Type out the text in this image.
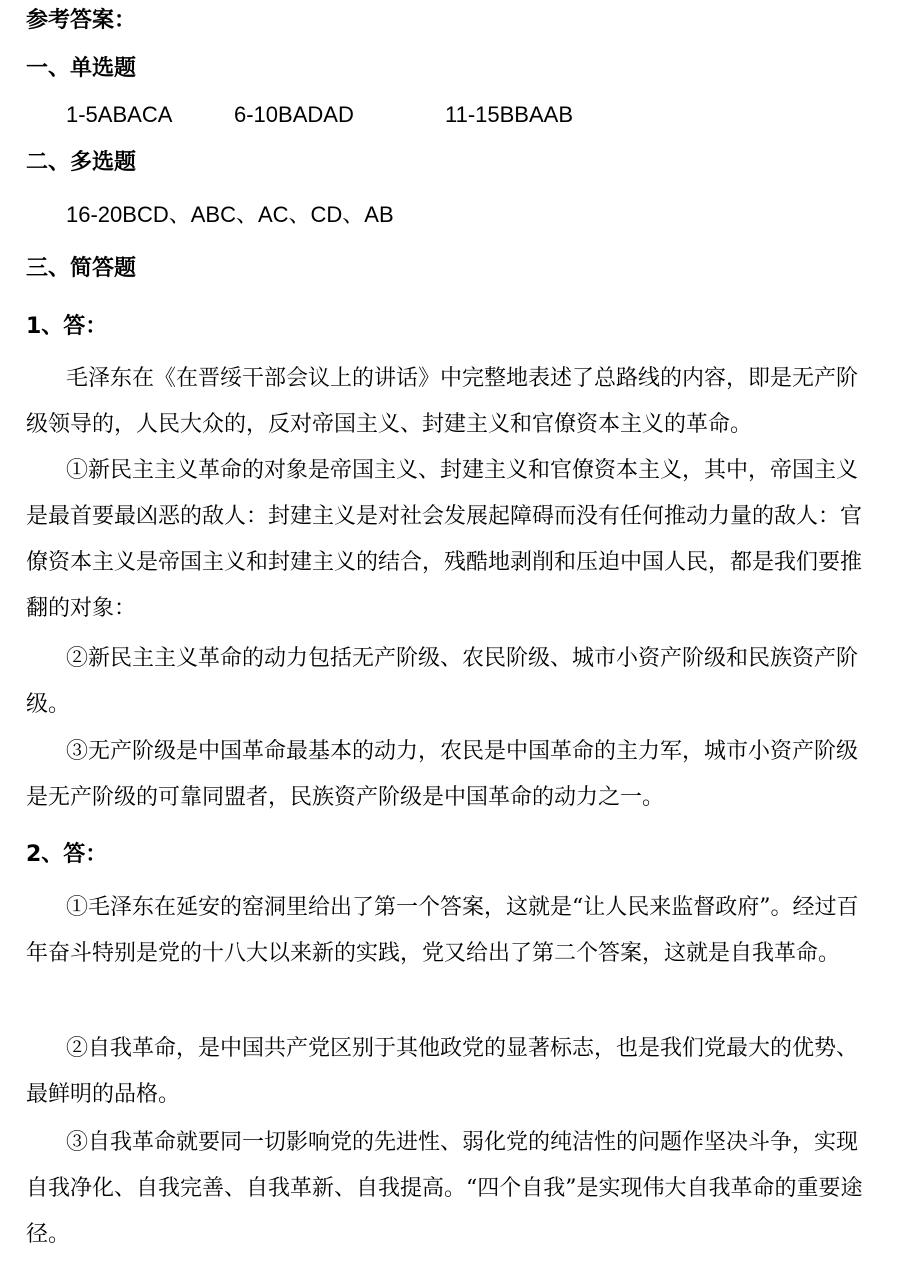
参考答案：
一、单选题
1-5ABACA	6-10BADAD	11-15BBAAB
二、多选题
16-20BCD、ABC、AC、CD、AB
三、简答题
1、答：

毛泽东在《在晋绥干部会议上的讲话》中完整地表述了总路线的内容，即是无产阶级领导的，人民大众的，反对帝国主义、封建主义和官僚资本主义的革命。

①新民主主义革命的对象是帝国主义、封建主义和官僚资本主义，其中，帝国主义是最首要最凶恶的敌人：封建主义是对社会发展起障碍而没有任何推动力量的敌人：官僚资本主义是帝国主义和封建主义的结合，残酷地剥削和压迫中国人民，都是我们要推翻的对象：

②新民主主义革命的动力包括无产阶级、农民阶级、城市小资产阶级和民族资产阶级。

③无产阶级是中国革命最基本的动力，农民是中国革命的主力军，城市小资产阶级是无产阶级的可靠同盟者，民族资产阶级是中国革命的动力之一。

2、答：

①毛泽东在延安的窑洞里给出了第一个答案，这就是“让人民来监督政府”。经过百年奋斗特别是党的十八大以来新的实践，党又给出了第二个答案，这就是自我革命。

②自我革命，是中国共产党区别于其他政党的显著标志，也是我们党最大的优势、最鲜明的品格。

③自我革命就要同一切影响党的先进性、弱化党的纯洁性的问题作坚决斗争，实现自我净化、自我完善、自我革新、自我提高。“四个自我”是实现伟大自我革命的重要途径。
